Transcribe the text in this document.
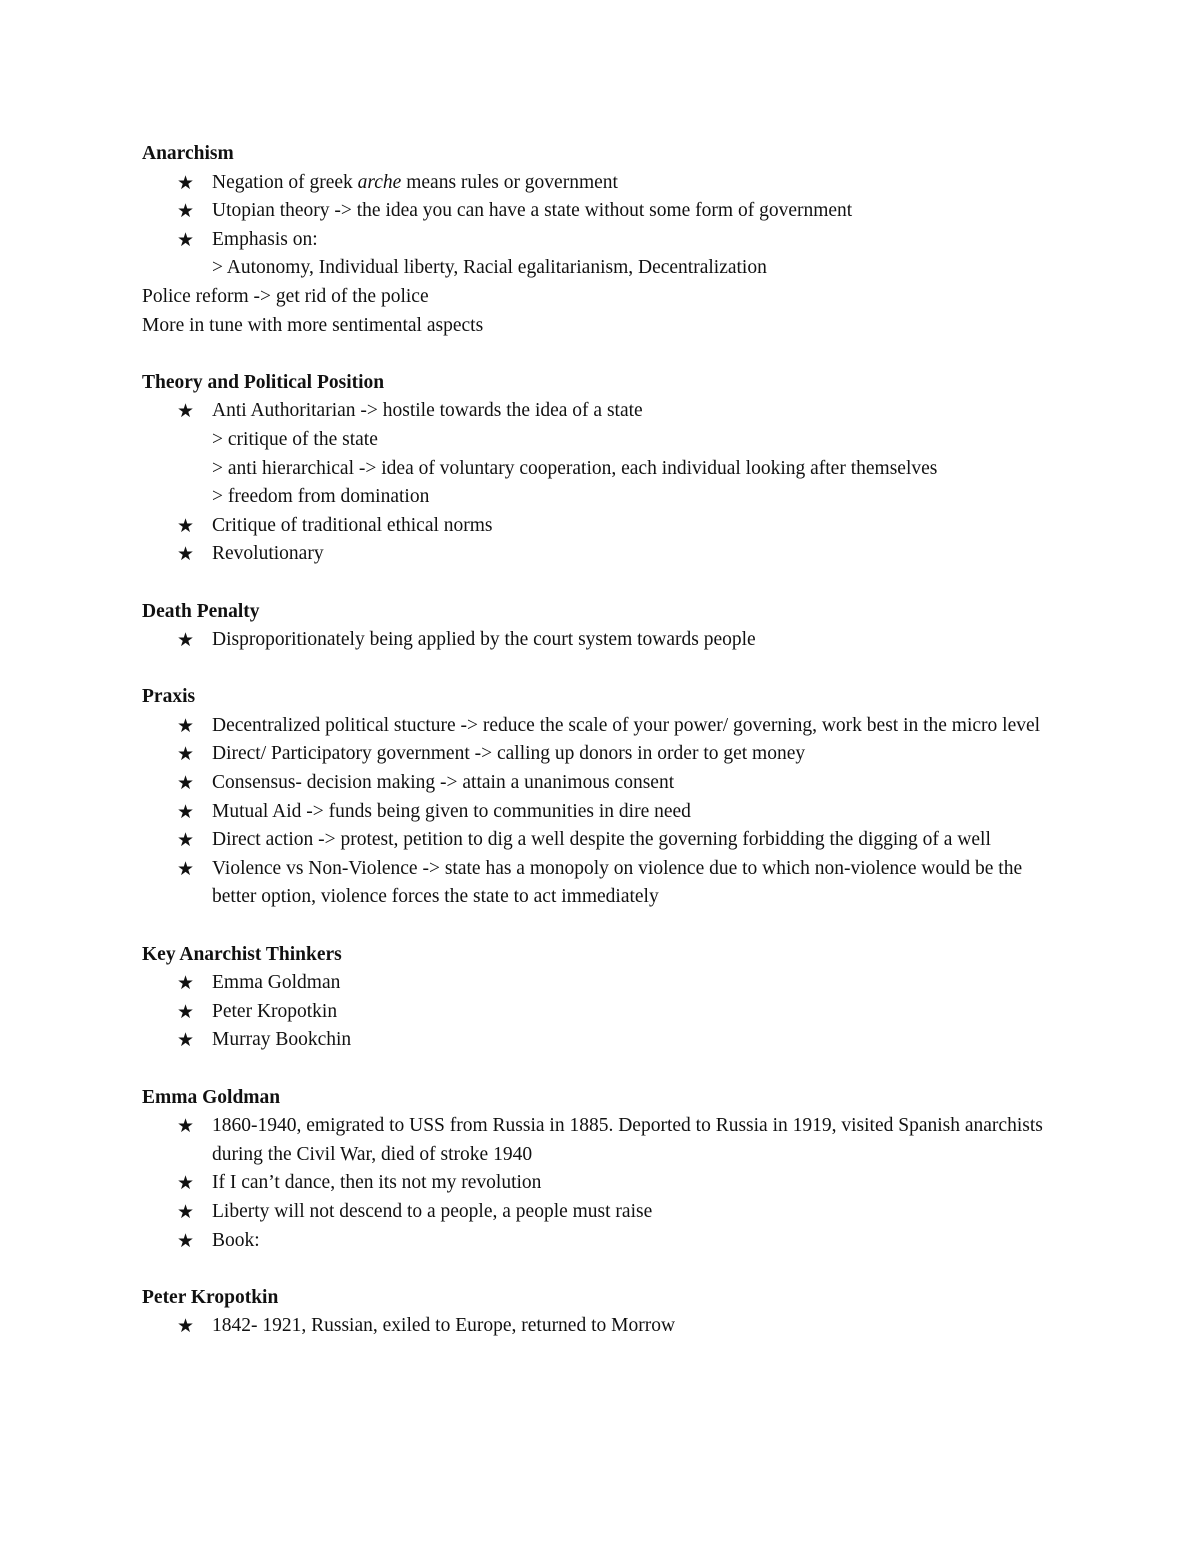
Anarchism
★ Negation of greek arche means rules or government
★ Utopian theory -> the idea you can have a state without some form of government
★ Emphasis on:
> Autonomy, Individual liberty, Racial egalitarianism, Decentralization
Police reform -> get rid of the police
More in tune with more sentimental aspects
Theory and Political Position
★ Anti Authoritarian -> hostile towards the idea of a state
> critique of the state
> anti hierarchical -> idea of voluntary cooperation, each individual looking after themselves
> freedom from domination
★ Critique of traditional ethical norms
★ Revolutionary
Death Penalty
★ Disproporitionately being applied by the court system towards people
Praxis
★ Decentralized political stucture -> reduce the scale of your power/ governing, work best in the micro level
★ Direct/ Participatory government -> calling up donors in order to get money
★ Consensus- decision making -> attain a unanimous consent
★ Mutual Aid -> funds being given to communities in dire need
★ Direct action -> protest, petition to dig a well despite the governing forbidding the digging of a well
★ Violence vs Non-Violence -> state has a monopoly on violence due to which non-violence would be the better option, violence forces the state to act immediately
Key Anarchist Thinkers
★ Emma Goldman
★ Peter Kropotkin
★ Murray Bookchin
Emma Goldman
★ 1860-1940, emigrated to USS from Russia in 1885. Deported to Russia in 1919, visited Spanish anarchists during the Civil War, died of stroke 1940
★ If I can’t dance, then its not my revolution
★ Liberty will not descend to a people, a people must raise
★ Book:
Peter Kropotkin
★ 1842- 1921, Russian, exiled to Europe, returned to Morrow
